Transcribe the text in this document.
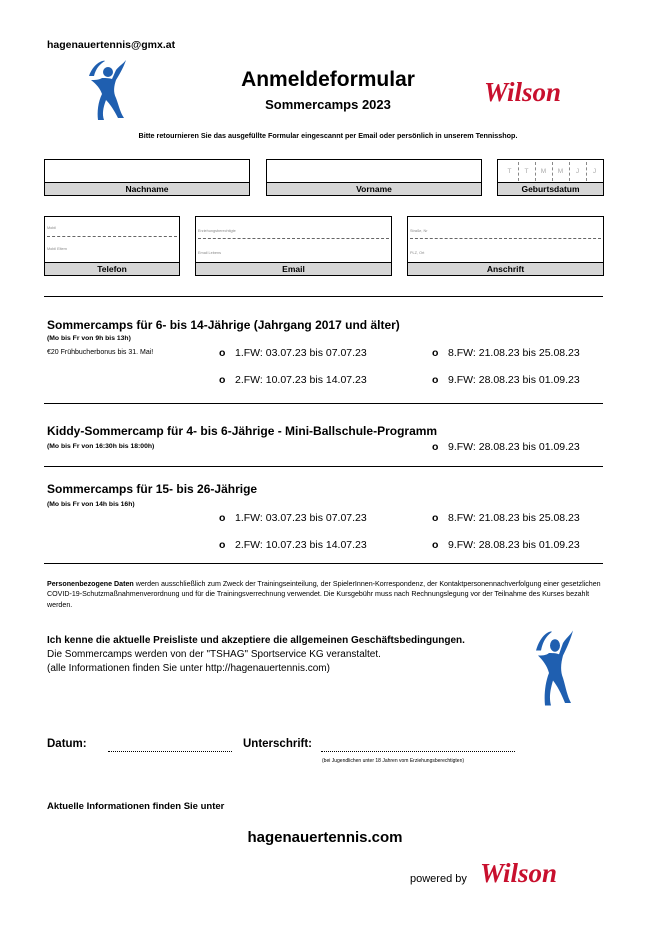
hagenauertennis@gmx.at
Anmeldeformular
Sommercamps 2023	Wilson
Bitte retournieren Sie das ausgefüllte Formular eingescannt per Email oder persönlich in unserem Tennisshop.
Nachname	Vorname
T	T	M	M	J	J
Geburtsdatum
Mobil
Mobil Eltern
Telefon
Erziehungsberechtigte
Email Lebens
Email
Straße, Nr
PLZ, Ort
Anschrift
Sommercamps für 6- bis 14-Jährige (Jahrgang 2017 und älter)
(Mo bis Fr von 9h bis 13h)
€20 Frühbucherbonus bis 31. Mai!	o 1.FW: 03.07.23 bis 07.07.23	o 8.FW: 21.08.23 bis 25.08.23
o 2.FW: 10.07.23 bis 14.07.23	o 9.FW: 28.08.23 bis 01.09.23
Kiddy-Sommercamp für 4- bis 6-Jährige - Mini-Ballschule-Programm
(Mo bis Fr von 16:30h bis 18:00h)	o 9.FW: 28.08.23 bis 01.09.23
Sommercamps für 15- bis 26-Jährige
(Mo bis Fr von 14h bis 16h)
o 1.FW: 03.07.23 bis 07.07.23	o 8.FW: 21.08.23 bis 25.08.23
o 2.FW: 10.07.23 bis 14.07.23	o 9.FW: 28.08.23 bis 01.09.23
Personenbezogene Daten werden ausschließlich zum Zweck der Trainingseinteilung, der SpielerInnen-Korrespondenz, der Kontaktpersonennachverfolgung einer gesetzlichen COVID-19-Schutzmaßnahmenverordnung und für die Trainingsverrechnung verwendet. Die Kursgebühr muss nach Rechnungslegung vor der Teilnahme des Kurses bezahlt werden.
Ich kenne die aktuelle Preisliste und akzeptiere die allgemeinen Geschäftsbedingungen.
Die Sommercamps werden von der "TSHAG" Sportservice KG veranstaltet.
(alle Informationen finden Sie unter http://hagenauertennis.com)
Datum:	Unterschrift:
(bei Jugendlichen unter 18 Jahren vom Erziehungsberechtigten)
Aktuelle Informationen finden Sie unter
hagenauertennis.com
powered by Wilson
